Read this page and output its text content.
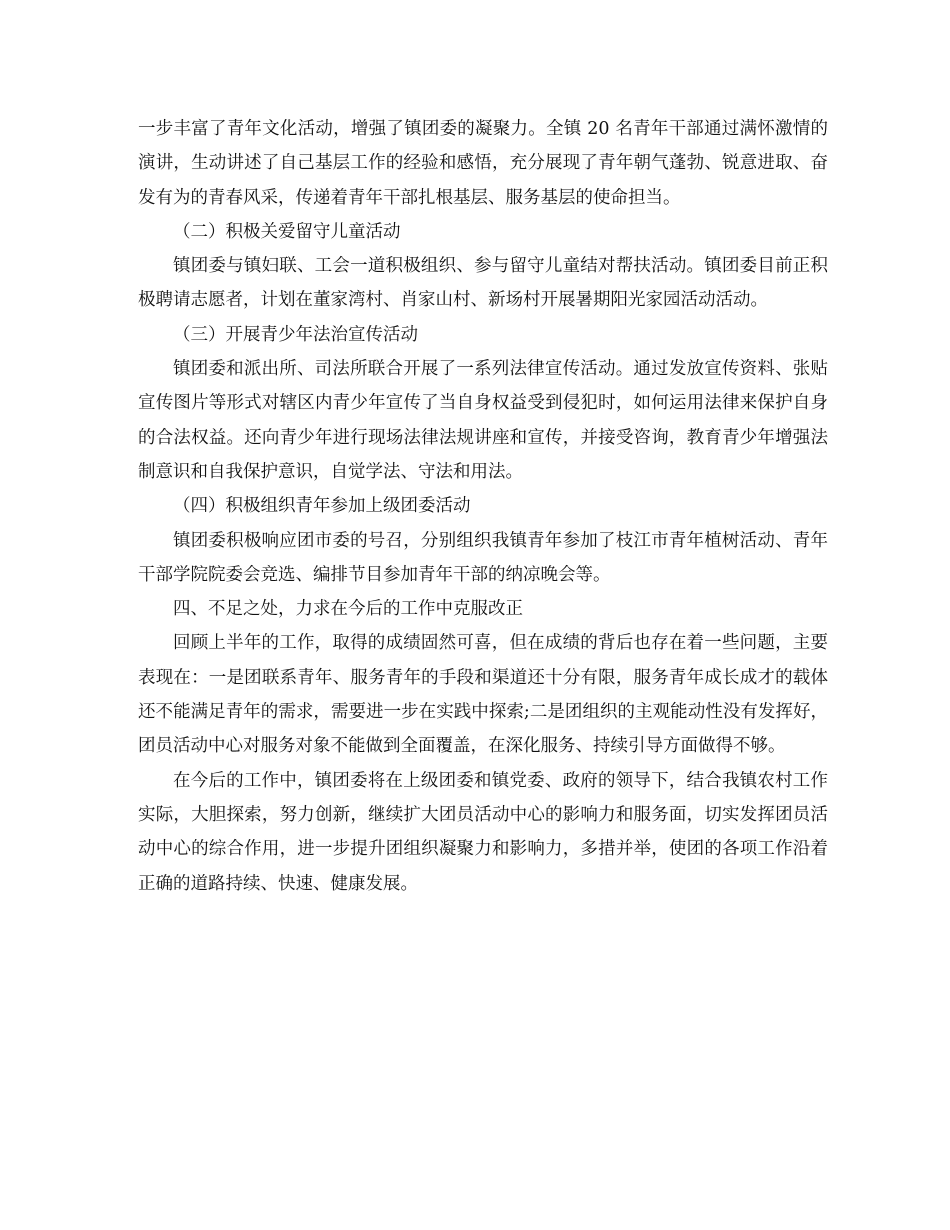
一步丰富了青年文化活动，增强了镇团委的凝聚力。全镇 20 名青年干部通过满怀激情的演讲，生动讲述了自己基层工作的经验和感悟，充分展现了青年朝气蓬勃、锐意进取、奋发有为的青春风采，传递着青年干部扎根基层、服务基层的使命担当。

（二）积极关爱留守儿童活动

镇团委与镇妇联、工会一道积极组织、参与留守儿童结对帮扶活动。镇团委目前正积极聘请志愿者，计划在董家湾村、肖家山村、新场村开展暑期阳光家园活动活动。

（三）开展青少年法治宣传活动

镇团委和派出所、司法所联合开展了一系列法律宣传活动。通过发放宣传资料、张贴宣传图片等形式对辖区内青少年宣传了当自身权益受到侵犯时，如何运用法律来保护自身的合法权益。还向青少年进行现场法律法规讲座和宣传，并接受咨询，教育青少年增强法制意识和自我保护意识，自觉学法、守法和用法。

（四）积极组织青年参加上级团委活动

镇团委积极响应团市委的号召，分别组织我镇青年参加了枝江市青年植树活动、青年干部学院院委会竞选、编排节目参加青年干部的纳凉晚会等。

四、不足之处，力求在今后的工作中克服改正

回顾上半年的工作，取得的成绩固然可喜，但在成绩的背后也存在着一些问题，主要表现在：一是团联系青年、服务青年的手段和渠道还十分有限，服务青年成长成才的载体还不能满足青年的需求，需要进一步在实践中探索;二是团组织的主观能动性没有发挥好，团员活动中心对服务对象不能做到全面覆盖，在深化服务、持续引导方面做得不够。

在今后的工作中，镇团委将在上级团委和镇党委、政府的领导下，结合我镇农村工作实际，大胆探索，努力创新，继续扩大团员活动中心的影响力和服务面，切实发挥团员活动中心的综合作用，进一步提升团组织凝聚力和影响力，多措并举，使团的各项工作沿着正确的道路持续、快速、健康发展。
